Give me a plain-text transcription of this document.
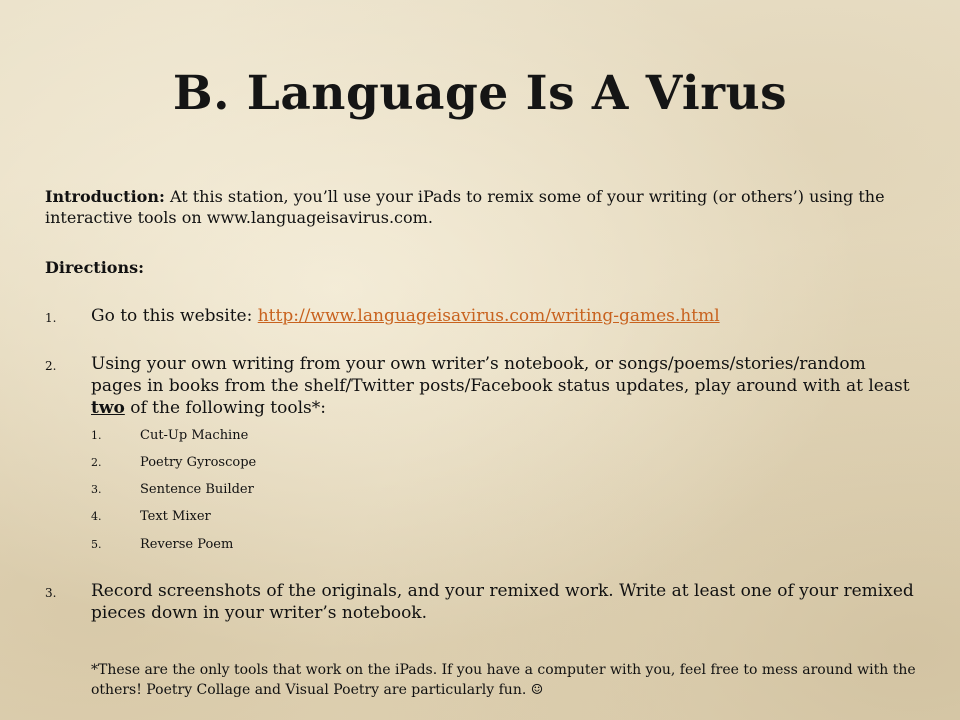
B. Language Is A Virus
Introduction: At this station, you’ll use your iPads to remix some of your writing (or others’) using the interactive tools on www.languageisavirus.com.
Directions:
1. Go to this website: http://www.languageisavirus.com/writing-games.html
2. Using your own writing from your own writer’s notebook, or songs/poems/stories/random pages in books from the shelf/Twitter posts/Facebook status updates, play around with at least two of the following tools*:
1.	Cut-Up Machine
2.	Poetry Gyroscope
3.	Sentence Builder
4.	Text Mixer
5.	Reverse Poem
3. Record screenshots of the originals, and your remixed work. Write at least one of your remixed pieces down in your writer’s notebook.
*These are the only tools that work on the iPads. If you have a computer with you, feel free to mess around with the others! Poetry Collage and Visual Poetry are particularly fun. ☺
